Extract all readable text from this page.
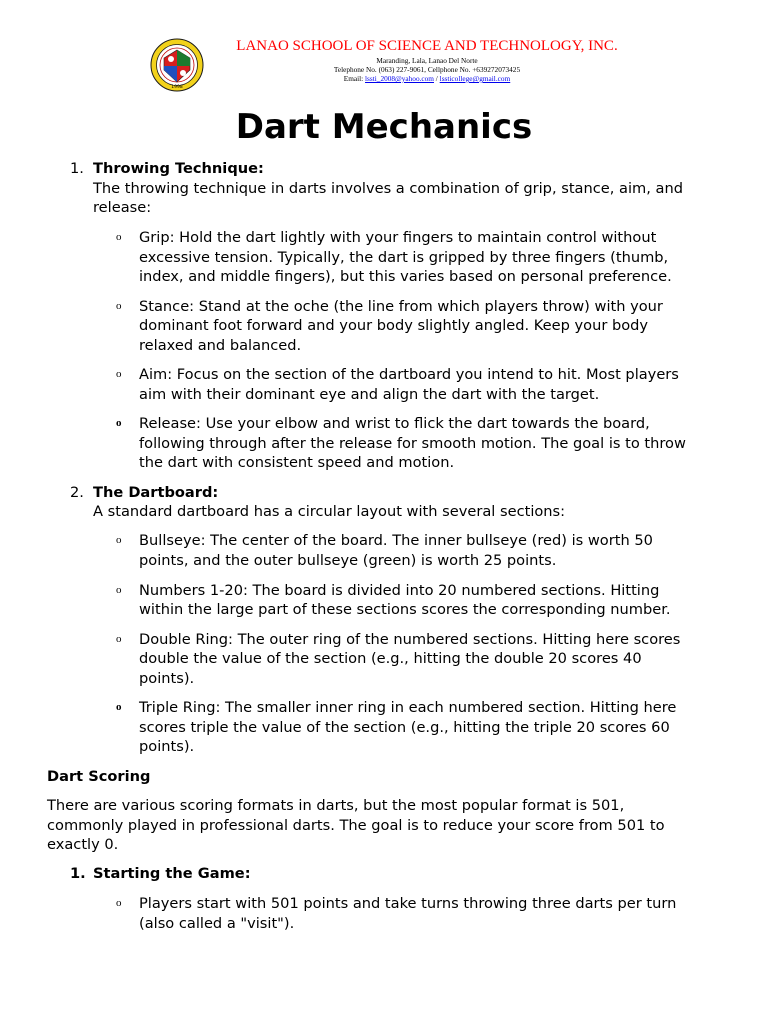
1998
LANAO SCHOOL OF SCIENCE AND TECHNOLOGY, INC.
Maranding, Lala, Lanao Del Norte
Telephone No. (063) 227-9061, Cellphone No. +639272073425
Email: lssti_2008@yahoo.com / lssticollege@gmail.com
Dart Mechanics
1. Throwing Technique:
The throwing technique in darts involves a combination of grip, stance, aim, and
release:
o Grip: Hold the dart lightly with your fingers to maintain control without
excessive tension. Typically, the dart is gripped by three fingers (thumb,
index, and middle fingers), but this varies based on personal preference.
o Stance: Stand at the oche (the line from which players throw) with your
dominant foot forward and your body slightly angled. Keep your body
relaxed and balanced.
o Aim: Focus on the section of the dartboard you intend to hit. Most players
aim with their dominant eye and align the dart with the target.
o Release: Use your elbow and wrist to flick the dart towards the board,
following through after the release for smooth motion. The goal is to throw
the dart with consistent speed and motion.
2. The Dartboard:
A standard dartboard has a circular layout with several sections:
o Bullseye: The center of the board. The inner bullseye (red) is worth 50
points, and the outer bullseye (green) is worth 25 points.
o Numbers 1-20: The board is divided into 20 numbered sections. Hitting
within the large part of these sections scores the corresponding number.
o Double Ring: The outer ring of the numbered sections. Hitting here scores
double the value of the section (e.g., hitting the double 20 scores 40
points).
o Triple Ring: The smaller inner ring in each numbered section. Hitting here
scores triple the value of the section (e.g., hitting the triple 20 scores 60
points).
Dart Scoring
There are various scoring formats in darts, but the most popular format is 501,
commonly played in professional darts. The goal is to reduce your score from 501 to
exactly 0.
1. Starting the Game:
o Players start with 501 points and take turns throwing three darts per turn
(also called a "visit").
